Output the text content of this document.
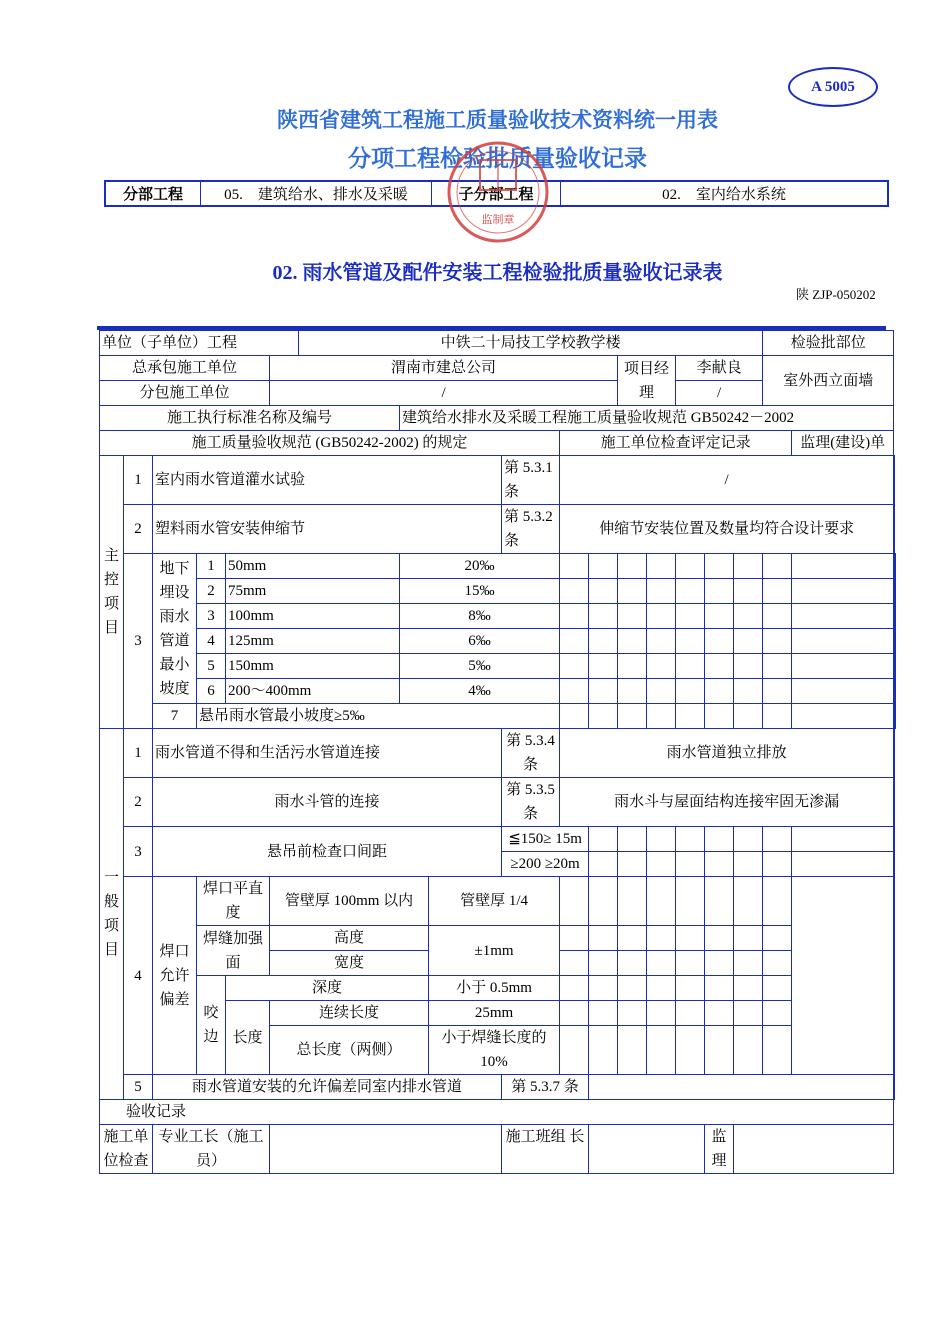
A 5005
陕西省建筑工程施工质量验收技术资料统一用表
分项工程检验批质量验收记录
分部工程	05.　建筑给水、排水及采暖	子分部工程	02.　室内给水系统
监制章
02. 雨水管道及配件安装工程检验批质量验收记录表
陕 ZJP-050202
单位（子单位）工程						中铁二十局技工学校教学楼											检验批部位		
总承包施工单位					渭南市建总公司							项目经理		李献良			室外西立面墙		
分包施工单位					/									/					
施工执行标准名称及编号							建筑给水排水及采暖工程施工质量验收规范 GB50242－2002												
施工质量验收规范 (GB50242-2002) 的规定										施工单位检查评定记录								监理(建设)单	
主控项目	1	室内雨水管道灌水试验							第 5.3.1 条	/									
	2	塑料雨水管安装伸缩节							第 5.3.2 条	伸缩节安装位置及数量均符合设计要求									
	3	地下埋设雨水管道最小坡度	1	50mm			20‰												
			2	75mm			15‰												
			3	100mm			8‰												
			4	125mm			6‰												
			5	150mm			5‰												
			6	200～400mm			4‰												
		7	悬吊雨水管最小坡度≥5‰																
一般项目	1	雨水管道不得和生活污水管道连接							第 5.3.4 条	雨水管道独立排放									

	2	雨水斗管的连接							第 5.3.5 条	雨水斗与屋面结构连接牢固无渗漏									
	3	悬吊前检查口间距							≦150≥ 15m										
									≥200 ≥20m										
	4	焊口允许偏差	焊口平直度		管壁厚 100mm 以内			管壁厚 1/4											

			焊缝加强面		高度			±1mm											
					宽度														
			咬边	深度				小于 0.5mm											
				长度	连续长度			25mm											
					总长度（两侧）			小于焊缝长度的 10%											

	5	雨水管道安装的允许偏差同室内排水管道							第 5.3.7 条										

验收记录																			
施工单位检查		专业工长（施工员）							施工班组 长						监理				
